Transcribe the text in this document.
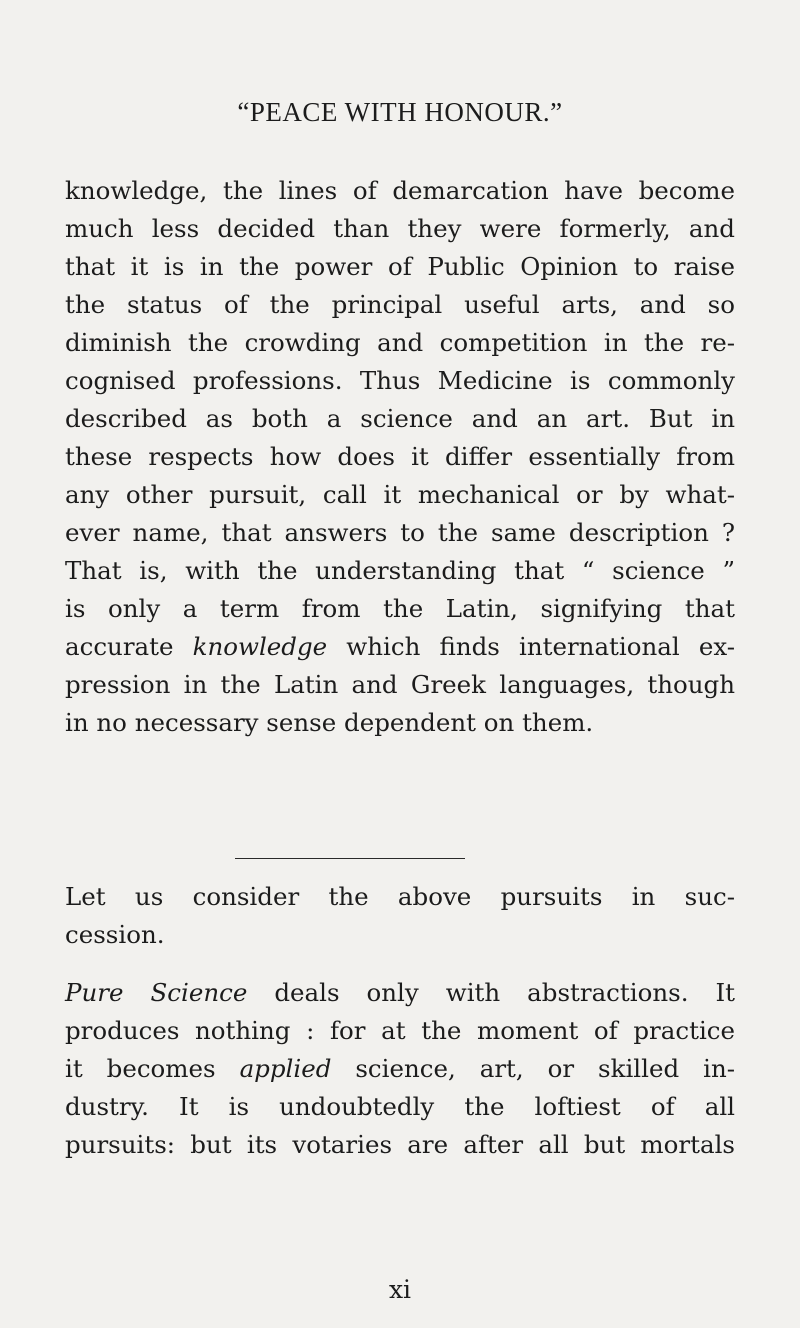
“PEACE WITH HONOUR.”
knowledge, the lines of demarcation have become
much less decided than they were formerly, and
that it is in the power of Public Opinion to raise
the status of the principal useful arts, and so
diminish the crowding and competition in the re-
cognised professions. Thus Medicine is commonly
described as both a science and an art. But in
these respects how does it differ essentially from
any other pursuit, call it mechanical or by what-
ever name, that answers to the same description ?
That is, with the understanding that “ science ”
is only a term from the Latin, signifying that
accurate knowledge which finds international ex-
pression in the Latin and Greek languages, though
in no necessary sense dependent on them.
Let us consider the above pursuits in suc-
cession.
Pure Science deals only with abstractions. It
produces nothing : for at the moment of practice
it becomes applied science, art, or skilled in-
dustry. It is undoubtedly the loftiest of all
pursuits: but its votaries are after all but mortals
xi
